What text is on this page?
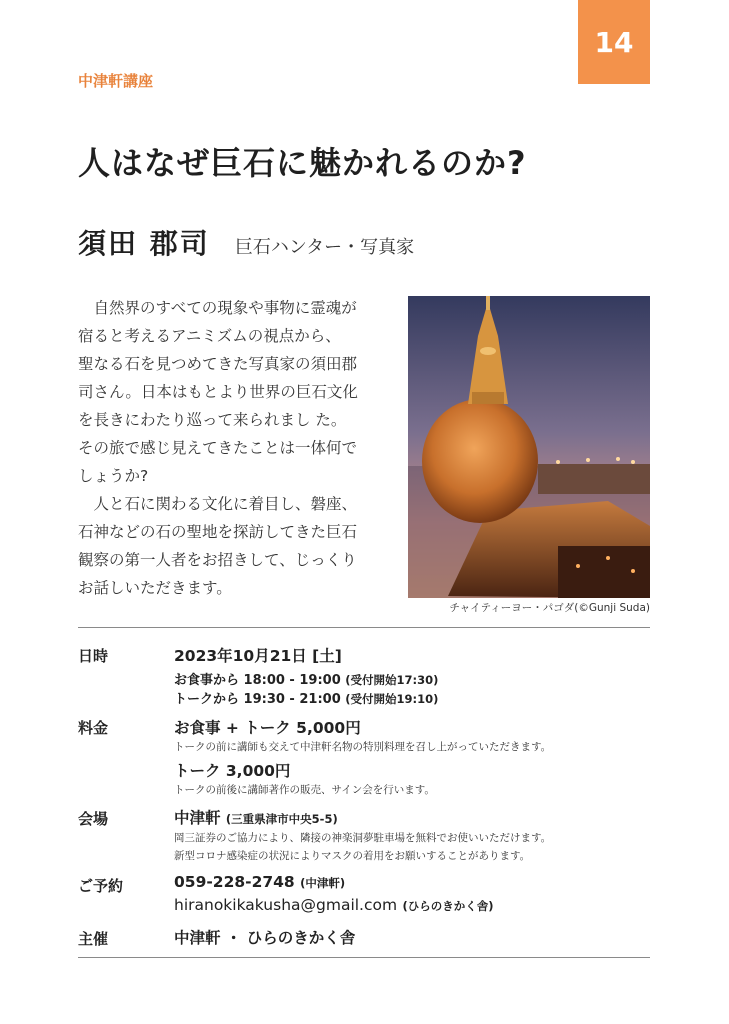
14
中津軒講座
人はなぜ巨石に魅かれるのか?
須田 郡司 巨石ハンター・写真家

自然界のすべての現象や事物に霊魂が
宿ると考えるアニミズムの視点から、
聖なる石を見つめてきた写真家の須田郡
司さん。日本はもとより世界の巨石文化
を長きにわたり巡って来られまし た。
その旅で感じ見えてきたことは一体何で
しょうか?

人と石に関わる文化に着目し、磐座、
石神などの石の聖地を探訪してきた巨石
観察の第一人者をお招きして、じっくり
お話しいただきます。

チャイティーヨー・パゴダ(©Gunji Suda)
日時	2023年10月21日 [土]
お食事から 18:00 - 19:00 (受付開始17:30)
トークから 19:30 - 21:00 (受付開始19:10)
料金	お食事 + トーク 5,000円
トークの前に講師も交えて中津軒名物の特別料理を召し上がっていただきます。
トーク 3,000円
トークの前後に講師著作の販売、サイン会を行います。
会場	中津軒 (三重県津市中央5-5)
岡三証券のご協力により、隣接の神楽洞夢駐車場を無料でお使いいただけます。
新型コロナ感染症の状況によりマスクの着用をお願いすることがあります。
ご予約	059-228-2748 (中津軒)
hiranokikakusha@gmail.com (ひらのきかく舎)
主催	中津軒 ・ ひらのきかく舎
